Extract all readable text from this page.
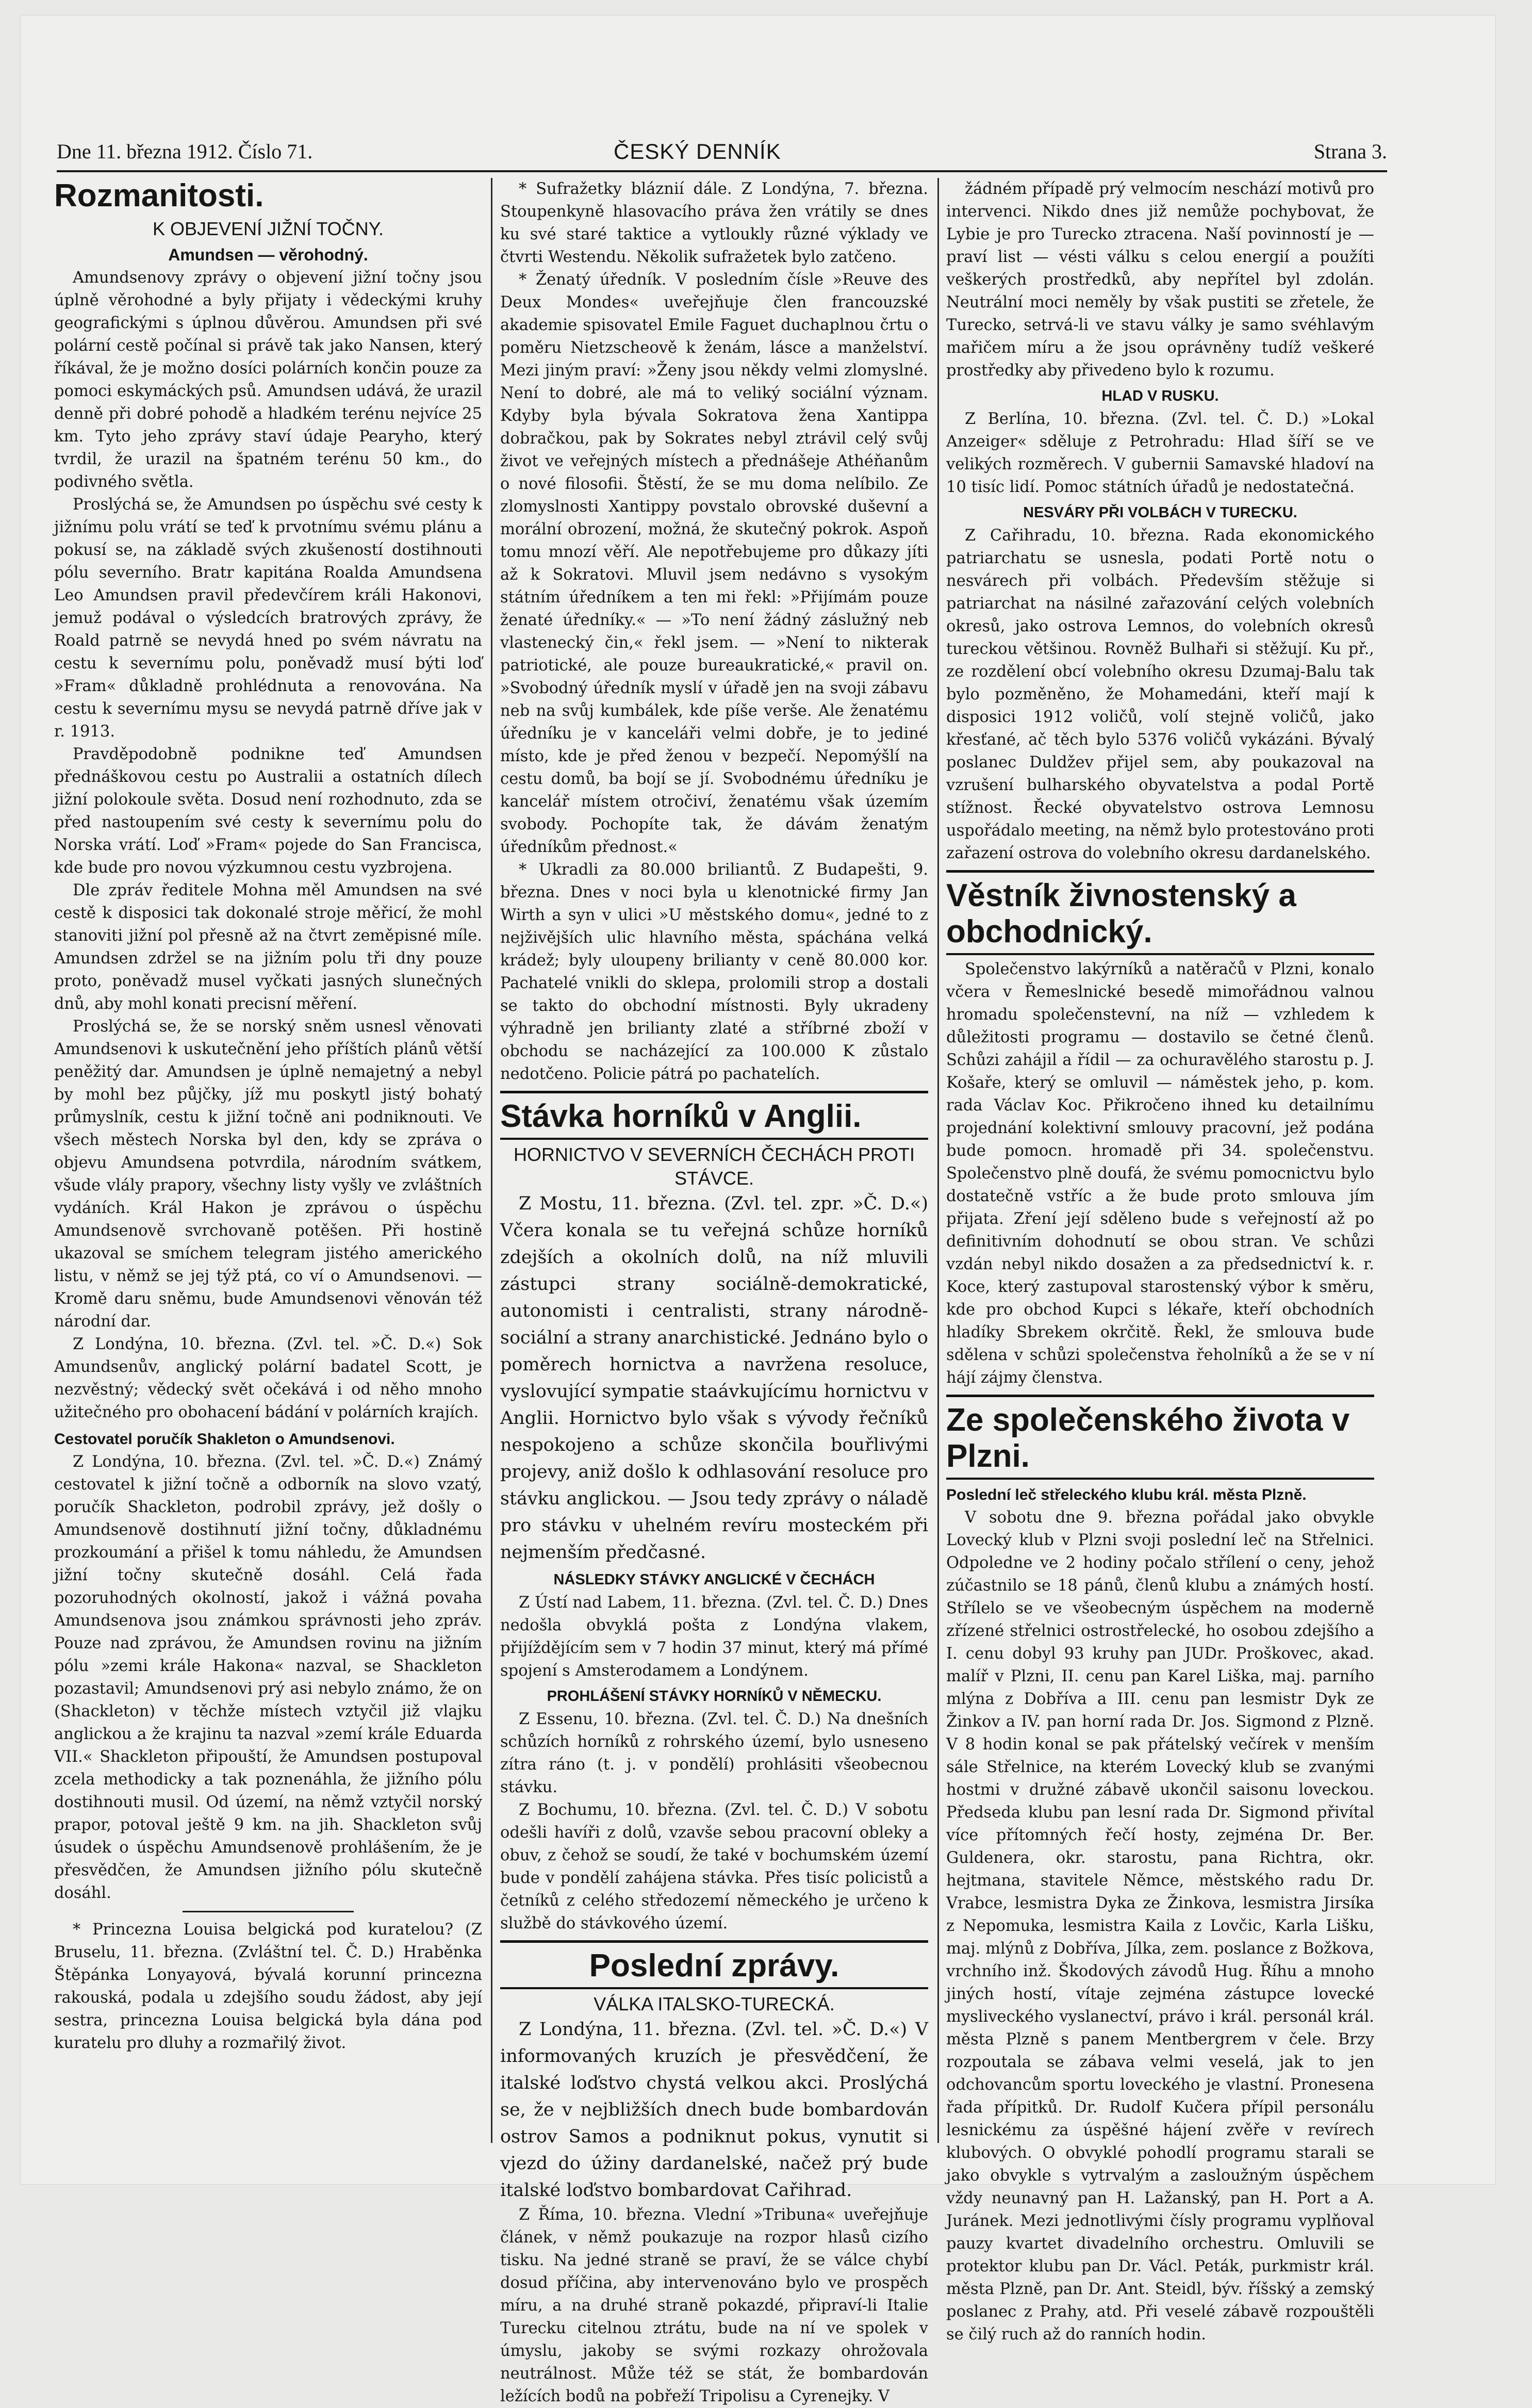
Dne 11. března 1912. Číslo 71.	ČESKÝ DENNÍK	Strana 3.
Rozmanitosti.
K OBJEVENÍ JIŽNÍ TOČNY.
Amundsen — věrohodný.

Amundsenovy zprávy o objevení jižní točny jsou úplně věrohodné a byly přijaty i vědeckými kruhy geografickými s úplnou důvěrou. Amundsen při své polární cestě počínal si právě tak jako Nansen, který říkával, že je možno dosíci polárních končin pouze za pomoci eskymáckých psů. Amundsen udává, že urazil denně při dobré pohodě a hladkém terénu nejvíce 25 km. Tyto jeho zprávy staví údaje Pearyho, který tvrdil, že urazil na špatném terénu 50 km., do podivného světla.

Proslýchá se, že Amundsen po úspěchu své cesty k jižnímu polu vrátí se teď k prvotnímu svému plánu a pokusí se, na základě svých zkušeností dostihnouti pólu severního. Bratr kapitána Roalda Amundsena Leo Amundsen pravil předevčírem králi Hakonovi, jemuž podával o výsledcích bratrových zprávy, že Roald patrně se nevydá hned po svém návratu na cestu k severnímu polu, poněvadž musí býti loď »Fram« důkladně prohlédnuta a renovována. Na cestu k severnímu mysu se nevydá patrně dříve jak v r. 1913.

Pravděpodobně podnikne teď Amundsen přednáškovou cestu po Australii a ostatních dílech jižní polokoule světa. Dosud není rozhodnuto, zda se před nastoupením své cesty k severnímu polu do Norska vrátí. Loď »Fram« pojede do San Francisca, kde bude pro novou výzkumnou cestu vyzbrojena.

Dle zpráv ředitele Mohna měl Amundsen na své cestě k disposici tak dokonalé stroje měřicí, že mohl stanoviti jižní pol přesně až na čtvrt zeměpisné míle. Amundsen zdržel se na jižním polu tři dny pouze proto, poněvadž musel vyčkati jasných slunečných dnů, aby mohl konati precisní měření.

Proslýchá se, že se norský sněm usnesl věnovati Amundsenovi k uskutečnění jeho příštích plánů větší peněžitý dar. Amundsen je úplně nemajetný a nebyl by mohl bez půjčky, jíž mu poskytl jistý bohatý průmyslník, cestu k jižní točně ani podniknouti. Ve všech městech Norska byl den, kdy se zpráva o objevu Amundsena potvrdila, národním svátkem, všude vlály prapory, všechny listy vyšly ve zvláštních vydáních. Král Hakon je zprávou o úspěchu Amundsenově svrchovaně potěšen. Při hostině ukazoval se smíchem telegram jistého amerického listu, v němž se jej týž ptá, co ví o Amundsenovi. — Kromě daru sněmu, bude Amundsenovi věnován též národní dar.

Z Londýna, 10. března. (Zvl. tel. »Č. D.«) Sok Amundsenův, anglický polární badatel Scott, je nezvěstný; vědecký svět očekává i od něho mnoho užitečného pro obohacení bádání v polárních krajích.

Cestovatel poručík Shakleton o Amundsenovi.

Z Londýna, 10. března. (Zvl. tel. »Č. D.«) Známý cestovatel k jižní točně a odborník na slovo vzatý, poručík Shackleton, podrobil zprávy, jež došly o Amundsenově dostihnutí jižní točny, důkladnému prozkoumání a přišel k tomu náhledu, že Amundsen jižní točny skutečně dosáhl. Celá řada pozoruhodných okolností, jakož i vážná povaha Amundsenova jsou známkou správnosti jeho zpráv. Pouze nad zprávou, že Amundsen rovinu na jižním pólu »zemi krále Hakona« nazval, se Shackleton pozastavil; Amundsenovi prý asi nebylo známo, že on (Shackleton) v těchže místech vztyčil již vlajku anglickou a že krajinu ta nazval »zemí krále Eduarda VII.« Shackleton připouští, že Amundsen postupoval zcela methodicky a tak poznenáhla, že jižního pólu dostihnouti musil. Od území, na němž vztyčil norský prapor, potoval ještě 9 km. na jih. Shackleton svůj úsudek o úspěchu Amundsenově prohlášením, že je přesvědčen, že Amundsen jižního pólu skutečně dosáhl.

* Princezna Louisa belgická pod kuratelou? (Z Bruselu, 11. března. (Zvláštní tel. Č. D.) Hraběnka Štěpánka Lonyayová, bývalá korunní princezna rakouská, podala u zdejšího soudu žádost, aby její sestra, princezna Louisa belgická byla dána pod kuratelu pro dluhy a rozmařilý život.

* Sufražetky bláznií dále. Z Londýna, 7. března. Stoupenkyně hlasovacího práva žen vrátily se dnes ku své staré taktice a vytloukly různé výklady ve čtvrti Westendu. Několik sufražetek bylo zatčeno.

* Ženatý úředník. V posledním čísle »Reuve des Deux Mondes« uveřejňuje člen francouzské akademie spisovatel Emile Faguet duchaplnou črtu o poměru Nietzscheově k ženám, lásce a manželství. Mezi jiným praví: »Ženy jsou někdy velmi zlomyslné. Není to dobré, ale má to veliký sociální význam. Kdyby byla bývala Sokratova žena Xantippa dobračkou, pak by Sokrates nebyl ztrávil celý svůj život ve veřejných místech a přednášeje Athéňanům o nové filosofii. Štěstí, že se mu doma nelíbilo. Ze zlomyslnosti Xantippy povstalo obrovské duševní a morální obrození, možná, že skutečný pokrok. Aspoň tomu mnozí věří. Ale nepotřebujeme pro důkazy jíti až k Sokratovi. Mluvil jsem nedávno s vysokým státním úředníkem a ten mi řekl: »Přijímám pouze ženaté úředníky.« — »To není žádný záslužný neb vlastenecký čin,« řekl jsem. — »Není to nikterak patriotické, ale pouze bureaukratické,« pravil on. »Svobodný úředník myslí v úřadě jen na svoji zábavu neb na svůj kumbálek, kde píše verše. Ale ženatému úředníku je v kanceláři velmi dobře, je to jediné místo, kde je před ženou v bezpečí. Nepomýšlí na cestu domů, ba bojí se jí. Svobodnému úředníku je kancelář místem otročiví, ženatému však územím svobody. Pochopíte tak, že dávám ženatým úředníkům přednost.«

* Ukradli za 80.000 briliantů. Z Budapešti, 9. března. Dnes v noci byla u klenotnické firmy Jan Wirth a syn v ulici »U městského domu«, jedné to z nejživějších ulic hlavního města, spáchána velká krádež; byly uloupeny brilianty v ceně 80.000 kor. Pachatelé vnikli do sklepa, prolomili strop a dostali se takto do obchodní místnosti. Byly ukradeny výhradně jen brilianty zlaté a stříbrné zboží v obchodu se nacházející za 100.000 K zůstalo nedotčeno. Policie pátrá po pachatelích.

Stávka horníků v Anglii.
HORNICTVO V SEVERNÍCH ČECHÁCH PROTI STÁVCE.

Z Mostu, 11. března. (Zvl. tel. zpr. »Č. D.«) Včera konala se tu veřejná schůze horníků zdejších a okolních dolů, na níž mluvili zástupci strany sociálně-demokratické, autonomisti i centralisti, strany národně-sociální a strany anarchistické. Jednáno bylo o poměrech hornictva a navržena resoluce, vyslovující sympatie staávkujícímu hornictvu v Anglii. Hornictvo bylo však s vývody řečníků nespokojeno a schůze skončila bouřlivými projevy, aniž došlo k odhlasování resoluce pro stávku anglickou. — Jsou tedy zprávy o náladě pro stávku v uhelném revíru mosteckém při nejmenším předčasné.

NÁSLEDKY STÁVKY ANGLICKÉ V ČECHÁCH

Z Ústí nad Labem, 11. března. (Zvl. tel. Č. D.) Dnes nedošla obvyklá pošta z Londýna vlakem, přijíždějícím sem v 7 hodin 37 minut, který má přímé spojení s Amsterodamem a Londýnem.

PROHLÁŠENÍ STÁVKY HORNÍKŮ V NĚMECKU.

Z Essenu, 10. března. (Zvl. tel. Č. D.) Na dnešních schůzích horníků z rohrského území, bylo usneseno zítra ráno (t. j. v pondělí) prohlásiti všeobecnou stávku.

Z Bochumu, 10. března. (Zvl. tel. Č. D.) V sobotu odešli havíři z dolů, vzavše sebou pracovní obleky a obuv, z čehož se soudí, že také v bochumském území bude v pondělí zahájena stávka. Přes tisíc policistů a četníků z celého středozemí německého je určeno k službě do stávkového území.

Poslední zprávy.
VÁLKA ITALSKO-TURECKÁ.

Z Londýna, 11. března. (Zvl. tel. »Č. D.«) V informovaných kruzích je přesvědčení, že italské loďstvo chystá velkou akci. Proslýchá se, že v nejbližších dnech bude bombardován ostrov Samos a podniknut pokus, vynutit si vjezd do úžiny dardanelské, načež prý bude italské loďstvo bombardovat Cařihrad.

Z Říma, 10. března. Vlední »Tribuna« uveřejňuje článek, v němž poukazuje na rozpor hlasů cizího tisku. Na jedné straně se praví, že se válce chybí dosud příčina, aby intervenováno bylo ve prospěch míru, a na druhé straně pokazdé, připraví-li Italie Turecku citelnou ztrátu, bude na ní ve spolek v úmyslu, jakoby se svými rozkazy ohrožovala neutrálnost. Může též se stát, že bombardován ležících bodů na pobřeží Tripolisu a Cyrenejky. V

žádném případě prý velmocím neschází motivů pro intervenci. Nikdo dnes již nemůže pochybovat, že Lybie je pro Turecko ztracena. Naší povinností je — praví list — vésti válku s celou energií a použíti veškerých prostředků, aby nepřítel byl zdolán. Neutrální moci neměly by však pustiti se zřetele, že Turecko, setrvá-li ve stavu války je samo svéhlavým mařičem míru a že jsou oprávněny tudíž veškeré prostředky aby přivedeno bylo k rozumu.

HLAD V RUSKU.

Z Berlína, 10. března. (Zvl. tel. Č. D.) »Lokal Anzeiger« sděluje z Petrohradu: Hlad šíří se ve velikých rozměrech. V gubernii Samavské hladoví na 10 tisíc lidí. Pomoc státních úřadů je nedostatečná.

NESVÁRY PŘI VOLBÁCH V TURECKU.

Z Cařihradu, 10. března. Rada ekonomického patriarchatu se usnesla, podati Portě notu o nesvárech při volbách. Především stěžuje si patriarchat na násilné zařazování celých volebních okresů, jako ostrova Lemnos, do volebních okresů tureckou většinou. Rovněž Bulhaři si stěžují. Ku př., ze rozdělení obcí volebního okresu Dzumaj-Balu tak bylo pozměněno, že Mohamedáni, kteří mají k disposici 1912 voličů, volí stejně voličů, jako křesťané, ač těch bylo 5376 voličů vykázáni. Bývalý poslanec Duldžev přijel sem, aby poukazoval na vzrušení bulharského obyvatelstva a podal Portě stížnost. Řecké obyvatelstvo ostrova Lemnosu uspořádalo meeting, na němž bylo protestováno proti zařazení ostrova do volebního okresu dardanelského.

Věstník živnostenský a obchodnický.

Společenstvo lakýrníků a natěračů v Plzni, konalo včera v Řemeslnické besedě mimořádnou valnou hromadu společenstevní, na níž — vzhledem k důležitosti programu — dostavilo se četné členů. Schůzi zahájil a řídil — za ochuravělého starostu p. J. Košaře, který se omluvil — náměstek jeho, p. kom. rada Václav Koc. Přikročeno ihned ku detailnímu projednání kolektivní smlouvy pracovní, jež podána bude pomocn. hromadě při 34. společenstvu. Společenstvo plně doufá, že svému pomocnictvu bylo dostatečně vstříc a že bude proto smlouva jím přijata. Zření její sděleno bude s veřejností až po definitivním dohodnutí se obou stran. Ve schůzi vzdán nebyl nikdo dosažen a za předsednictví k. r. Koce, který zastupoval starostenský výbor k směru, kde pro obchod Kupci s lékaře, kteří obchodních hladíky Sbrekem okrčitě. Řekl, že smlouva bude sdělena v schůzi společenstva řeholníků a že se v ní hájí zájmy členstva.

Ze společenského života v Plzni.

Poslední leč střeleckého klubu král. města Plzně.

V sobotu dne 9. března pořádal jako obvykle Lovecký klub v Plzni svoji poslední leč na Střelnici. Odpoledne ve 2 hodiny počalo střílení o ceny, jehož zúčastnilo se 18 pánů, členů klubu a známých hostí. Střílelo se ve všeobecným úspěchem na moderně zřízené střelnici ostrostřelecké, ho osobou zdejšího a I. cenu dobyl 93 kruhy pan JUDr. Proškovec, akad. malíř v Plzni, II. cenu pan Karel Liška, maj. parního mlýna z Dobříva a III. cenu pan lesmistr Dyk ze Žinkov a IV. pan horní rada Dr. Jos. Sigmond z Plzně. V 8 hodin konal se pak přátelský večírek v menším sále Střelnice, na kterém Lovecký klub se zvanými hostmi v družné zábavě ukončil saisonu loveckou. Předseda klubu pan lesní rada Dr. Sigmond přivítal více přítomných řečí hosty, zejména Dr. Ber. Guldenera, okr. starostu, pana Richtra, okr. hejtmana, stavitele Němce, městského radu Dr. Vrabce, lesmistra Dyka ze Žinkova, lesmistra Jirsíka z Nepomuka, lesmistra Kaila z Lovčic, Karla Lišku, maj. mlýnů z Dobříva, Jílka, zem. poslance z Božkova, vrchního inž. Škodových závodů Hug. Říhu a mnoho jiných hostí, vítaje zejména zástupce lovecké mysliveckého vyslanectví, právo i král. personál král. města Plzně s panem Mentbergrem v čele. Brzy rozpoutala se zábava velmi veselá, jak to jen odchovancům sportu loveckého je vlastní. Pronesena řada přípitků. Dr. Rudolf Kučera přípil personálu lesnickému za úspěšné hájení zvěře v revírech klubových. O obvyklé pohodlí programu starali se jako obvykle s vytrvalým a zasloužným úspěchem vždy neunavný pan H. Lažanský, pan H. Port a A. Juránek. Mezi jednotlivými čísly programu vyplňoval pauzy kvartet divadelního orchestru. Omluvili se protektor klubu pan Dr. Václ. Peták, purkmistr král. města Plzně, pan Dr. Ant. Steidl, býv. říšský a zemský poslanec z Prahy, atd. Při veselé zábavě rozpouštěli se čilý ruch až do ranních hodin.
